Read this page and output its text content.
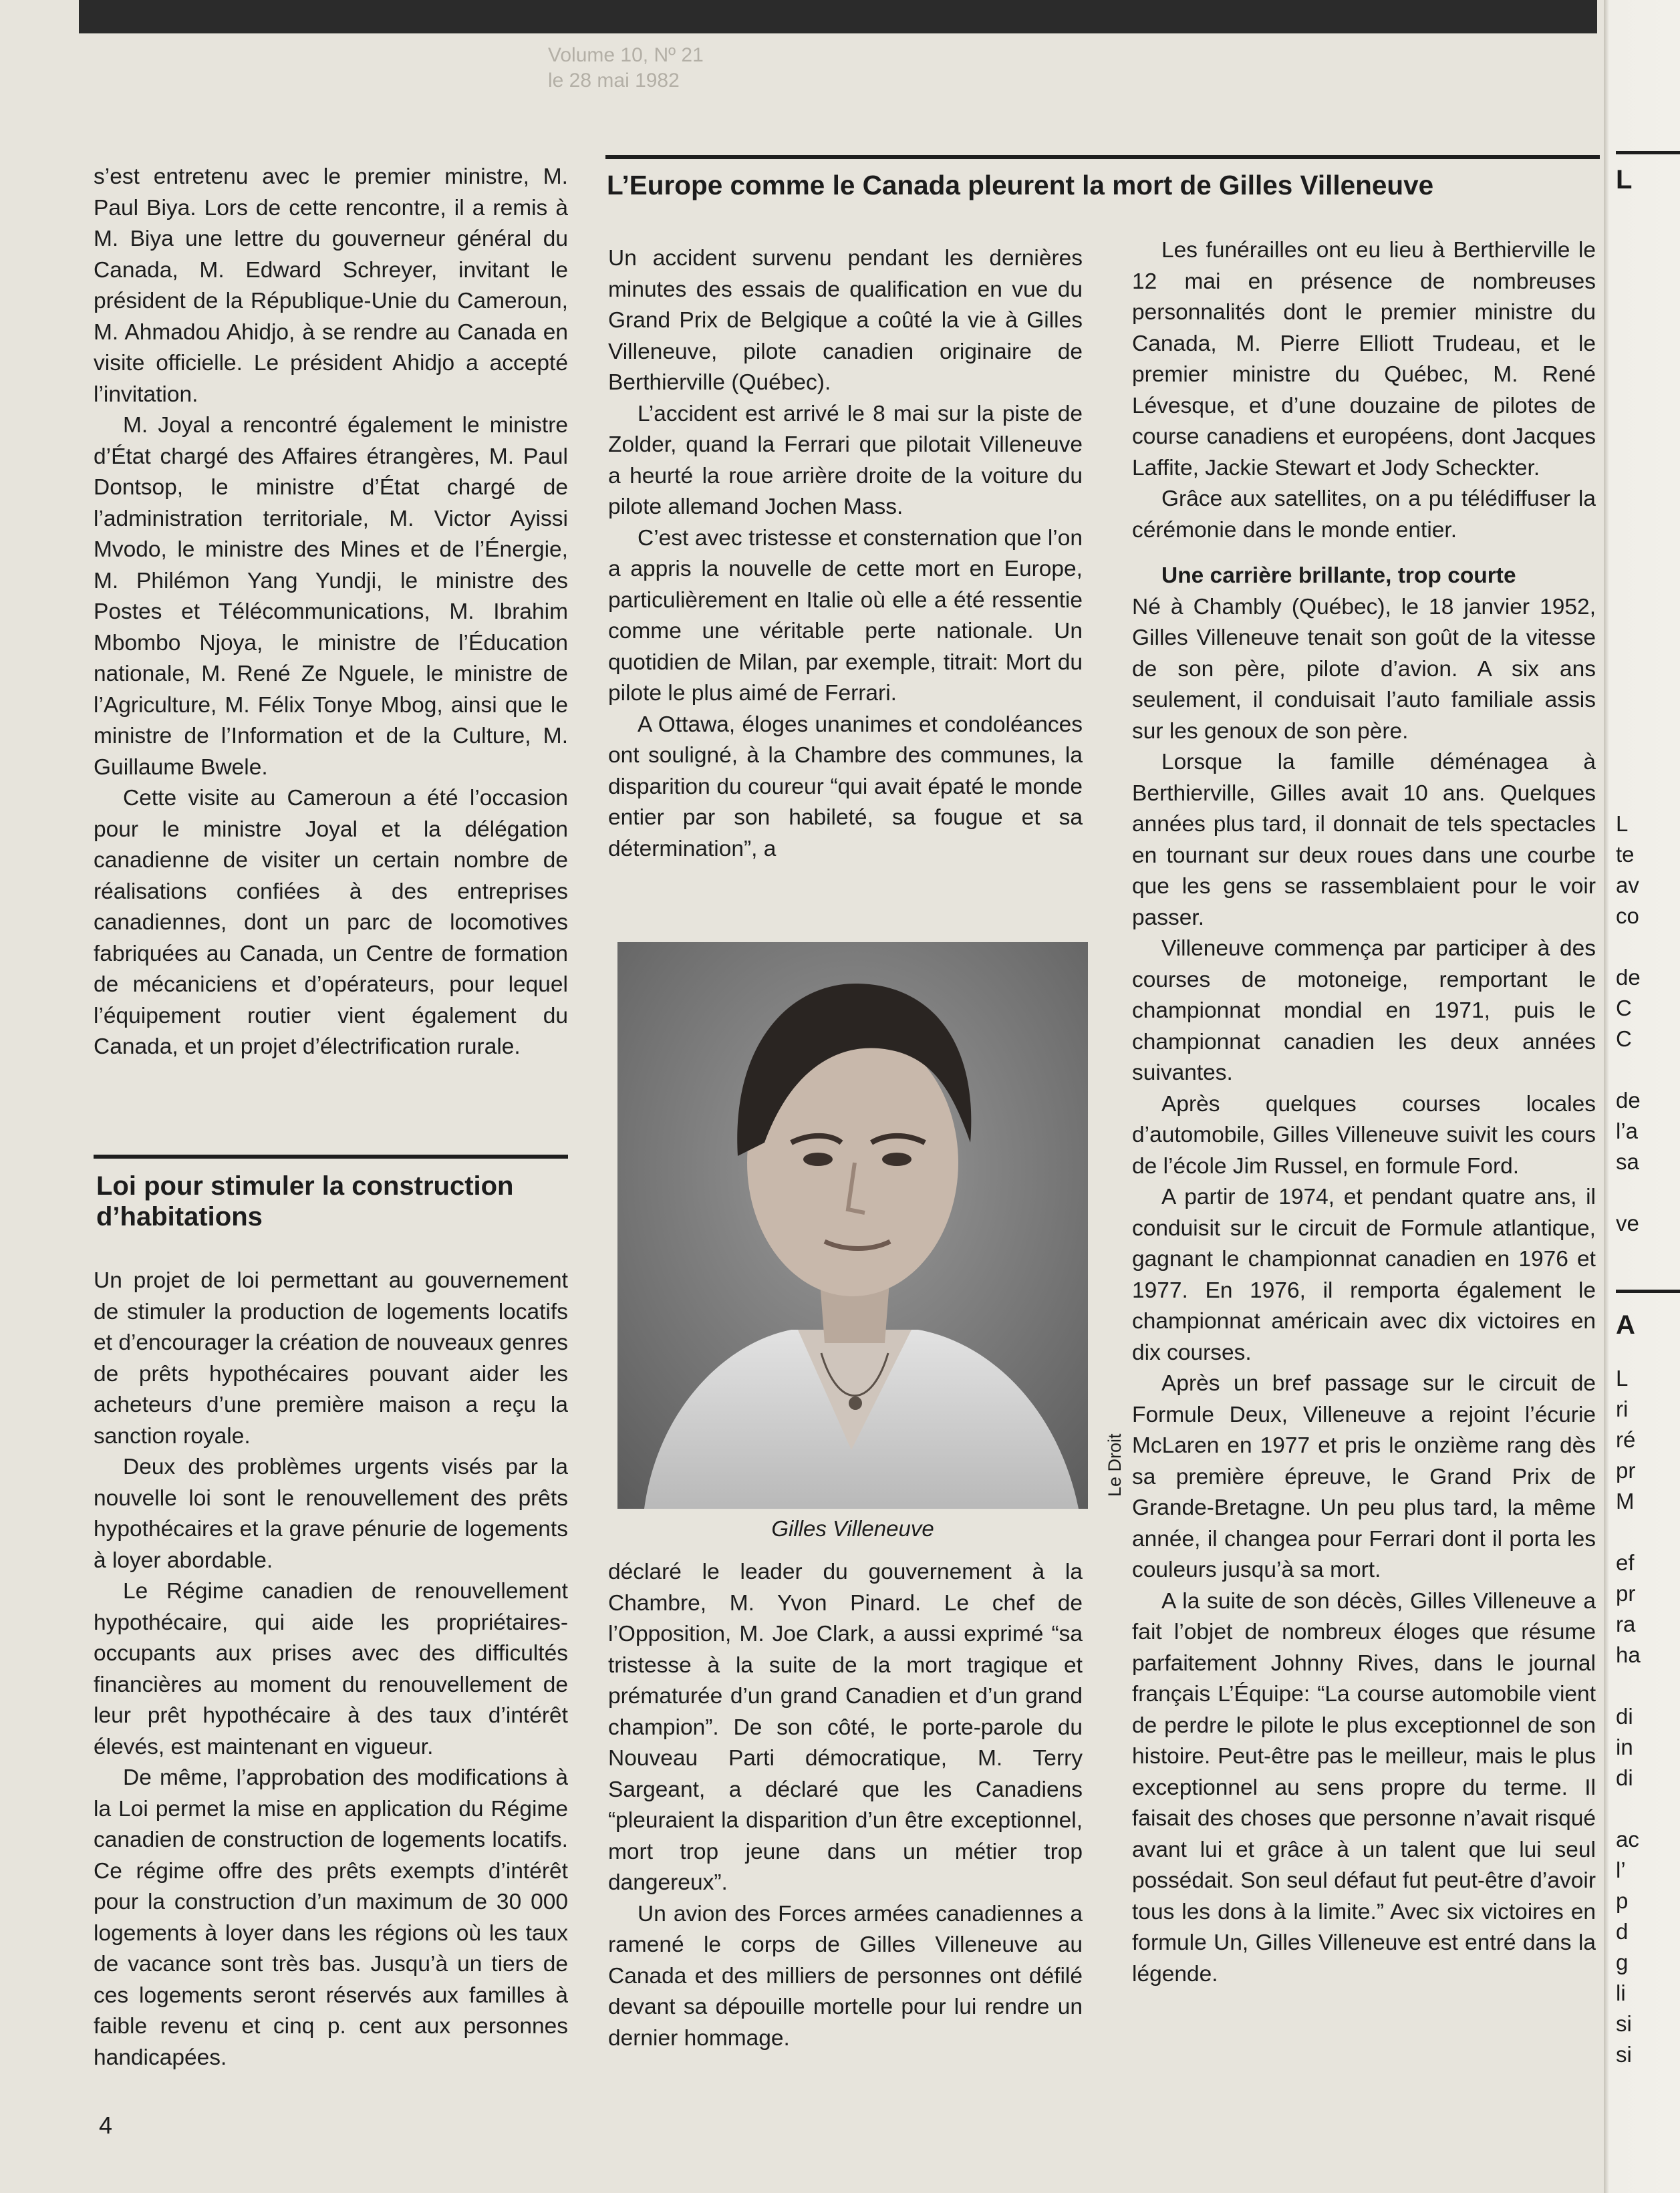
Volume 10, Nº 21
le 28 mai 1982

s’est entretenu avec le premier ministre, M. Paul Biya. Lors de cette rencontre, il a remis à M. Biya une lettre du gouverneur général du Canada, M. Edward Schreyer, invitant le président de la République-Unie du Cameroun, M. Ahmadou Ahidjo, à se rendre au Canada en visite officielle. Le président Ahidjo a accepté l’invitation.

M. Joyal a rencontré également le ministre d’État chargé des Affaires étrangères, M. Paul Dontsop, le ministre d’État chargé de l’administration territoriale, M. Victor Ayissi Mvodo, le ministre des Mines et de l’Énergie, M. Philémon Yang Yundji, le ministre des Postes et Télécommunications, M. Ibrahim Mbombo Njoya, le ministre de l’Éducation nationale, M. René Ze Nguele, le ministre de l’Agriculture, M. Félix Tonye Mbog, ainsi que le ministre de l’Information et de la Culture, M. Guillaume Bwele.

Cette visite au Cameroun a été l’occasion pour le ministre Joyal et la délégation canadienne de visiter un certain nombre de réalisations confiées à des entreprises canadiennes, dont un parc de locomotives fabriquées au Canada, un Centre de formation de mécaniciens et d’opérateurs, pour lequel l’équipement routier vient également du Canada, et un projet d’électrification rurale.

Loi pour stimuler la construction
d’habitations

Un projet de loi permettant au gouvernement de stimuler la production de logements locatifs et d’encourager la création de nouveaux genres de prêts hypothécaires pouvant aider les acheteurs d’une première maison a reçu la sanction royale.

Deux des problèmes urgents visés par la nouvelle loi sont le renouvellement des prêts hypothécaires et la grave pénurie de logements à loyer abordable.

Le Régime canadien de renouvellement hypothécaire, qui aide les propriétaires-occupants aux prises avec des difficultés financières au moment du renouvellement de leur prêt hypothécaire à des taux d’intérêt élevés, est maintenant en vigueur.

De même, l’approbation des modifications à la Loi permet la mise en application du Régime canadien de construction de logements locatifs. Ce régime offre des prêts exempts d’intérêt pour la construction d’un maximum de 30 000 logements à loyer dans les régions où les taux de vacance sont très bas. Jusqu’à un tiers de ces logements seront réservés aux familles à faible revenu et cinq p. cent aux personnes handicapées.

L’Europe comme le Canada pleurent la mort de Gilles Villeneuve

Un accident survenu pendant les dernières minutes des essais de qualification en vue du Grand Prix de Belgique a coûté la vie à Gilles Villeneuve, pilote canadien originaire de Berthierville (Québec).

L’accident est arrivé le 8 mai sur la piste de Zolder, quand la Ferrari que pilotait Villeneuve a heurté la roue arrière droite de la voiture du pilote allemand Jochen Mass.

C’est avec tristesse et consternation que l’on a appris la nouvelle de cette mort en Europe, particulièrement en Italie où elle a été ressentie comme une véritable perte nationale. Un quotidien de Milan, par exemple, titrait: Mort du pilote le plus aimé de Ferrari.

A Ottawa, éloges unanimes et condoléances ont souligné, à la Chambre des communes, la disparition du coureur “qui avait épaté le monde entier par son habileté, sa fougue et sa détermination”, a

Gilles Villeneuve

Le Droit

déclaré le leader du gouvernement à la Chambre, M. Yvon Pinard. Le chef de l’Opposition, M. Joe Clark, a aussi exprimé “sa tristesse à la suite de la mort tragique et prématurée d’un grand Canadien et d’un grand champion”. De son côté, le porte-parole du Nouveau Parti démocratique, M. Terry Sargeant, a déclaré que les Canadiens “pleuraient la disparition d’un être exceptionnel, mort trop jeune dans un métier trop dangereux”.

Un avion des Forces armées canadiennes a ramené le corps de Gilles Villeneuve au Canada et des milliers de personnes ont défilé devant sa dépouille mortelle pour lui rendre un dernier hommage.

Les funérailles ont eu lieu à Berthierville le 12 mai en présence de nombreuses personnalités dont le premier ministre du Canada, M. Pierre Elliott Trudeau, et le premier ministre du Québec, M. René Lévesque, et d’une douzaine de pilotes de course canadiens et européens, dont Jacques Laffite, Jackie Stewart et Jody Scheckter.

Grâce aux satellites, on a pu télédiffuser la cérémonie dans le monde entier.

Une carrière brillante, trop courte

Né à Chambly (Québec), le 18 janvier 1952, Gilles Villeneuve tenait son goût de la vitesse de son père, pilote d’avion. A six ans seulement, il conduisait l’auto familiale assis sur les genoux de son père.

Lorsque la famille déménagea à Berthierville, Gilles avait 10 ans. Quelques années plus tard, il donnait de tels spectacles en tournant sur deux roues dans une courbe que les gens se rassemblaient pour le voir passer.

Villeneuve commença par participer à des courses de motoneige, remportant le championnat mondial en 1971, puis le championnat canadien les deux années suivantes.

Après quelques courses locales d’automobile, Gilles Villeneuve suivit les cours de l’école Jim Russel, en formule Ford.

A partir de 1974, et pendant quatre ans, il conduisit sur le circuit de Formule atlantique, gagnant le championnat canadien en 1976 et 1977. En 1976, il remporta également le championnat américain avec dix victoires en dix courses.

Après un bref passage sur le circuit de Formule Deux, Villeneuve a rejoint l’écurie McLaren en 1977 et pris le onzième rang dès sa première épreuve, le Grand Prix de Grande-Bretagne. Un peu plus tard, la même année, il changea pour Ferrari dont il porta les couleurs jusqu’à sa mort.

A la suite de son décès, Gilles Villeneuve a fait l’objet de nombreux éloges que résume parfaitement Johnny Rives, dans le journal français L’Équipe: “La course automobile vient de perdre le pilote le plus exceptionnel de son histoire. Peut-être pas le meilleur, mais le plus exceptionnel au sens propre du terme. Il faisait des choses que personne n’avait risqué avant lui et grâce à un talent que lui seul possédait. Son seul défaut fut peut-être d’avoir tous les dons à la limite.” Avec six victoires en formule Un, Gilles Villeneuve est entré dans la légende.

4

L
L
te
av
co
de
C
C
de
l’a
sa
ve
A
L
ri
ré
pr
M
ef
pr
ra
ha
di
in
di
ac
l’
p
d
g
li
si
si
